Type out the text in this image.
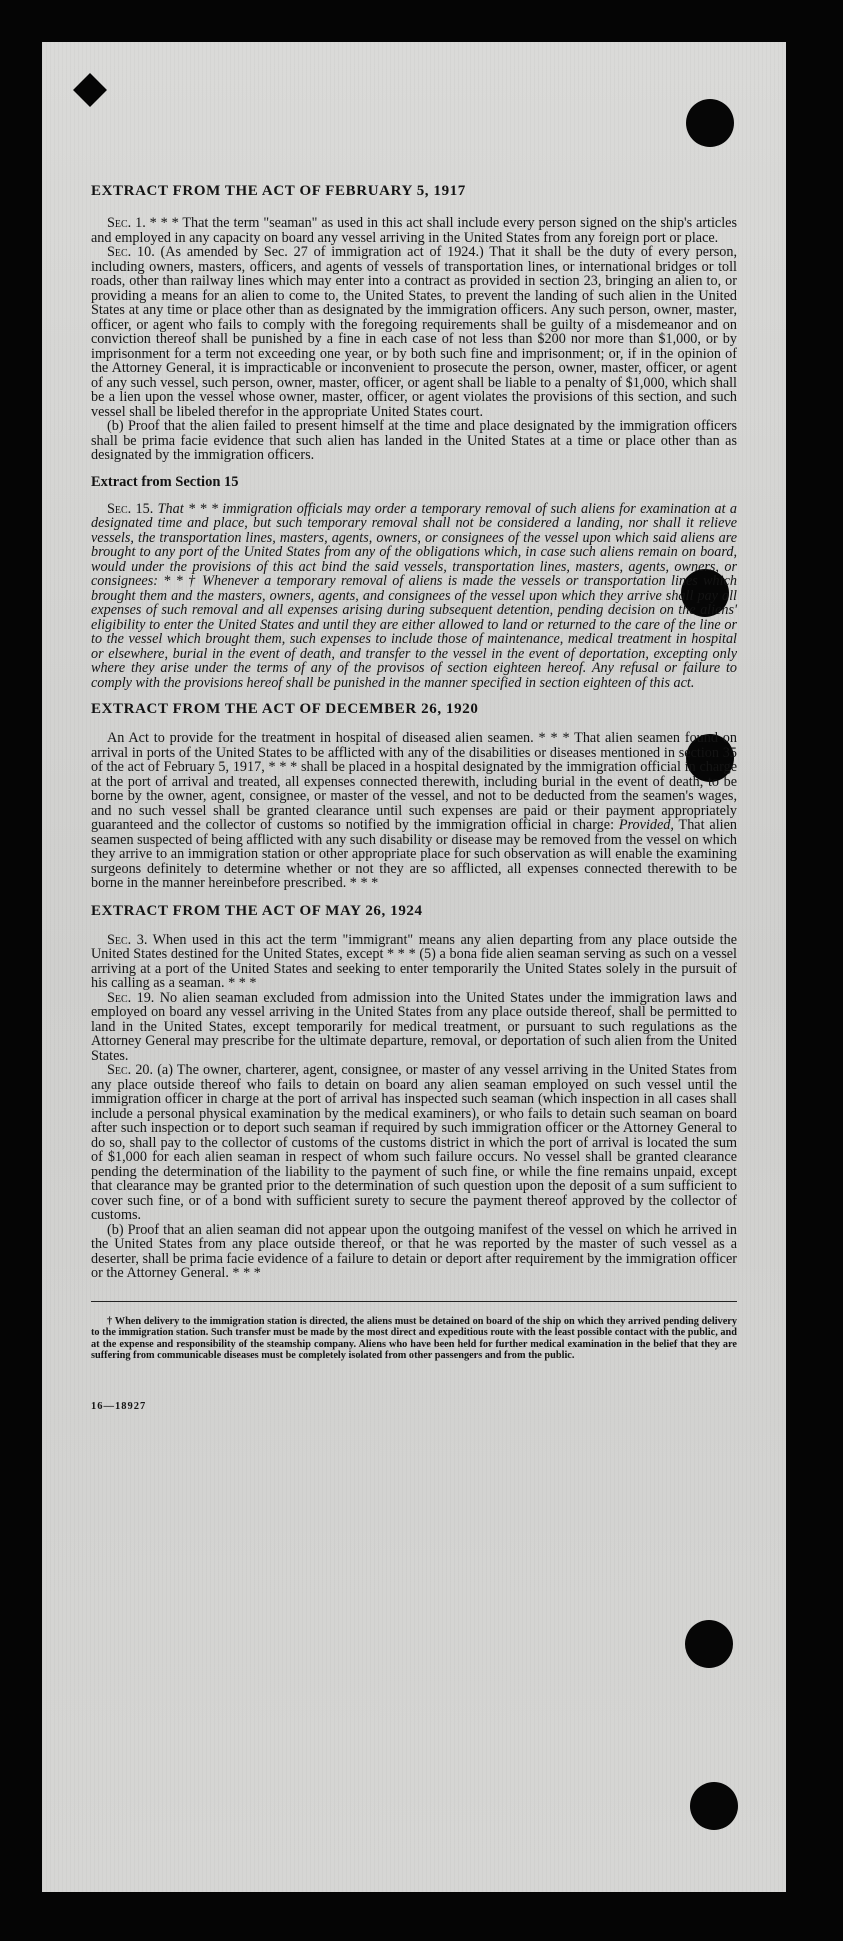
EXTRACT FROM THE ACT OF FEBRUARY 5, 1917

Sec. 1. * * * That the term "seaman" as used in this act shall include every person signed on the ship's articles and employed in any capacity on board any vessel arriving in the United States from any foreign port or place.

Sec. 10. (As amended by Sec. 27 of immigration act of 1924.) That it shall be the duty of every person, including owners, masters, officers, and agents of vessels of transportation lines, or international bridges or toll roads, other than railway lines which may enter into a contract as provided in section 23, bringing an alien to, or providing a means for an alien to come to, the United States, to prevent the landing of such alien in the United States at any time or place other than as designated by the immigration officers. Any such person, owner, master, officer, or agent who fails to comply with the foregoing requirements shall be guilty of a misdemeanor and on conviction thereof shall be punished by a fine in each case of not less than $200 nor more than $1,000, or by imprisonment for a term not exceeding one year, or by both such fine and imprisonment; or, if in the opinion of the Attorney General, it is impracticable or inconvenient to prosecute the person, owner, master, officer, or agent of any such vessel, such person, owner, master, officer, or agent shall be liable to a penalty of $1,000, which shall be a lien upon the vessel whose owner, master, officer, or agent violates the provisions of this section, and such vessel shall be libeled therefor in the appropriate United States court.

(b) Proof that the alien failed to present himself at the time and place designated by the immigration officers shall be prima facie evidence that such alien has landed in the United States at a time or place other than as designated by the immigration officers.

Extract from Section 15

Sec. 15. That * * * immigration officials may order a temporary removal of such aliens for examination at a designated time and place, but such temporary removal shall not be considered a landing, nor shall it relieve vessels, the transportation lines, masters, agents, owners, or consignees of the vessel upon which said aliens are brought to any port of the United States from any of the obligations which, in case such aliens remain on board, would under the provisions of this act bind the said vessels, transportation lines, masters, agents, owners, or consignees: * * † Whenever a temporary removal of aliens is made the vessels or transportation lines which brought them and the masters, owners, agents, and consignees of the vessel upon which they arrive shall pay all expenses of such removal and all expenses arising during subsequent detention, pending decision on the aliens' eligibility to enter the United States and until they are either allowed to land or returned to the care of the line or to the vessel which brought them, such expenses to include those of maintenance, medical treatment in hospital or elsewhere, burial in the event of death, and transfer to the vessel in the event of deportation, excepting only where they arise under the terms of any of the provisos of section eighteen hereof. Any refusal or failure to comply with the provisions hereof shall be punished in the manner specified in section eighteen of this act.

EXTRACT FROM THE ACT OF DECEMBER 26, 1920

An Act to provide for the treatment in hospital of diseased alien seamen. * * * That alien seamen found on arrival in ports of the United States to be afflicted with any of the disabilities or diseases mentioned in section 35 of the act of February 5, 1917, * * * shall be placed in a hospital designated by the immigration official in charge at the port of arrival and treated, all expenses connected therewith, including burial in the event of death, to be borne by the owner, agent, consignee, or master of the vessel, and not to be deducted from the seamen's wages, and no such vessel shall be granted clearance until such expenses are paid or their payment appropriately guaranteed and the collector of customs so notified by the immigration official in charge: Provided, That alien seamen suspected of being afflicted with any such disability or disease may be removed from the vessel on which they arrive to an immigration station or other appropriate place for such observation as will enable the examining surgeons definitely to determine whether or not they are so afflicted, all expenses connected therewith to be borne in the manner hereinbefore prescribed. * * *

EXTRACT FROM THE ACT OF MAY 26, 1924

Sec. 3. When used in this act the term "immigrant" means any alien departing from any place outside the United States destined for the United States, except * * * (5) a bona fide alien seaman serving as such on a vessel arriving at a port of the United States and seeking to enter temporarily the United States solely in the pursuit of his calling as a seaman. * * *

Sec. 19. No alien seaman excluded from admission into the United States under the immigration laws and employed on board any vessel arriving in the United States from any place outside thereof, shall be permitted to land in the United States, except temporarily for medical treatment, or pursuant to such regulations as the Attorney General may prescribe for the ultimate departure, removal, or deportation of such alien from the United States.

Sec. 20. (a) The owner, charterer, agent, consignee, or master of any vessel arriving in the United States from any place outside thereof who fails to detain on board any alien seaman employed on such vessel until the immigration officer in charge at the port of arrival has inspected such seaman (which inspection in all cases shall include a personal physical examination by the medical examiners), or who fails to detain such seaman on board after such inspection or to deport such seaman if required by such immigration officer or the Attorney General to do so, shall pay to the collector of customs of the customs district in which the port of arrival is located the sum of $1,000 for each alien seaman in respect of whom such failure occurs. No vessel shall be granted clearance pending the determination of the liability to the payment of such fine, or while the fine remains unpaid, except that clearance may be granted prior to the determination of such question upon the deposit of a sum sufficient to cover such fine, or of a bond with sufficient surety to secure the payment thereof approved by the collector of customs.

(b) Proof that an alien seaman did not appear upon the outgoing manifest of the vessel on which he arrived in the United States from any place outside thereof, or that he was reported by the master of such vessel as a deserter, shall be prima facie evidence of a failure to detain or deport after requirement by the immigration officer or the Attorney General. * * *

† When delivery to the immigration station is directed, the aliens must be detained on board of the ship on which they arrived pending delivery to the immigration station. Such transfer must be made by the most direct and expeditious route with the least possible contact with the public, and at the expense and responsibility of the steamship company. Aliens who have been held for further medical examination in the belief that they are suffering from communicable diseases must be completely isolated from other passengers and from the public.

16—18927
